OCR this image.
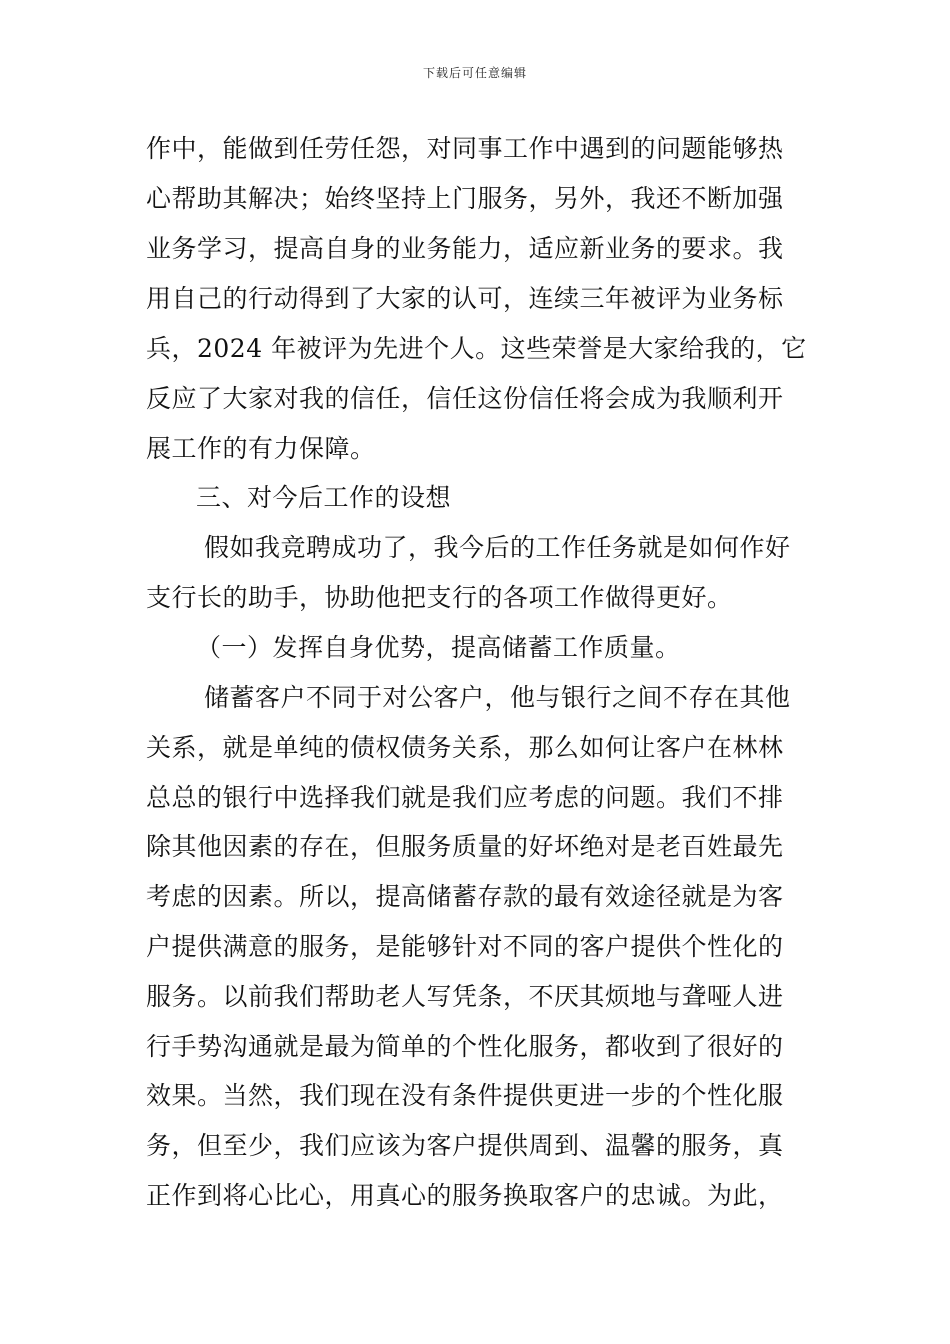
下载后可任意编辑
作中，能做到任劳任怨，对同事工作中遇到的问题能够热
心帮助其解决；始终坚持上门服务，另外，我还不断加强
业务学习，提高自身的业务能力，适应新业务的要求。我
用自己的行动得到了大家的认可，连续三年被评为业务标
兵，2024 年被评为先进个人。这些荣誉是大家给我的，它
反应了大家对我的信任，信任这份信任将会成为我顺利开
展工作的有力保障。
三、对今后工作的设想
假如我竞聘成功了，我今后的工作任务就是如何作好
支行长的助手，协助他把支行的各项工作做得更好。
（一）发挥自身优势，提高储蓄工作质量。
储蓄客户不同于对公客户，他与银行之间不存在其他
关系，就是单纯的债权债务关系，那么如何让客户在林林
总总的银行中选择我们就是我们应考虑的问题。我们不排
除其他因素的存在，但服务质量的好坏绝对是老百姓最先
考虑的因素。所以，提高储蓄存款的最有效途径就是为客
户提供满意的服务，是能够针对不同的客户提供个性化的
服务。以前我们帮助老人写凭条，不厌其烦地与聋哑人进
行手势沟通就是最为简单的个性化服务，都收到了很好的
效果。当然，我们现在没有条件提供更进一步的个性化服
务，但至少，我们应该为客户提供周到、温馨的服务，真
正作到将心比心，用真心的服务换取客户的忠诚。为此，
